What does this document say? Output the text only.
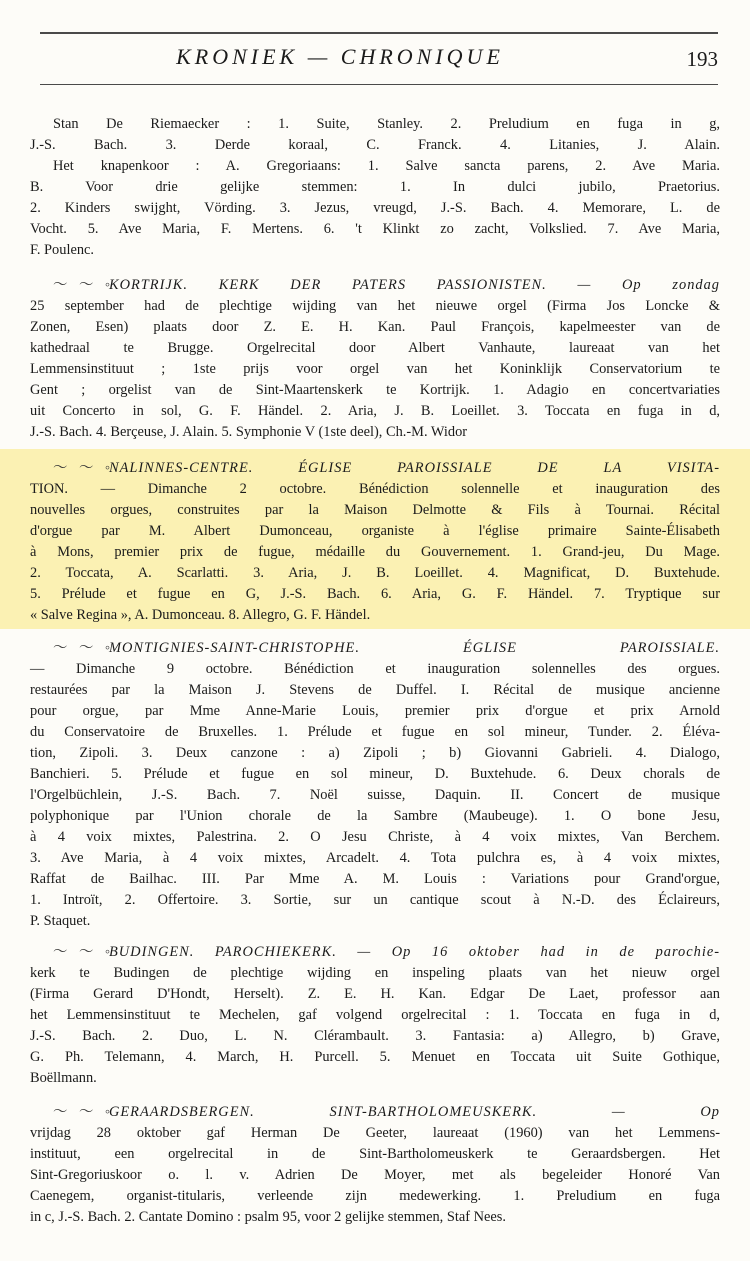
KRONIEK — CHRONIQUE	193
Stan De Riemaecker : 1. Suite, Stanley. 2. Preludium en fuga in g,
J.-S. Bach. 3. Derde koraal, C. Franck. 4. Litanies, J. Alain.
Het knapenkoor : A. Gregoriaans: 1. Salve sancta parens, 2. Ave Maria.
B. Voor drie gelijke stemmen: 1. In dulci jubilo, Praetorius.
2. Kinders swijght, Vörding. 3. Jezus, vreugd, J.-S. Bach. 4. Memorare, L. de
Vocht. 5. Ave Maria, F. Mertens. 6. 't Klinkt zo zacht, Volkslied. 7. Ave Maria,
F. Poulenc.
〜〜◦KORTRIJK. KERK DER PATERS PASSIONISTEN. — Op zondag
25 september had de plechtige wijding van het nieuwe orgel (Firma Jos Loncke &
Zonen, Esen) plaats door Z. E. H. Kan. Paul François, kapelmeester van de
kathedraal te Brugge. Orgelrecital door Albert Vanhaute, laureaat van het
Lemmensinstituut ; 1ste prijs voor orgel van het Koninklijk Conservatorium te
Gent ; orgelist van de Sint-Maartenskerk te Kortrijk. 1. Adagio en concertvariaties
uit Concerto in sol, G. F. Händel. 2. Aria, J. B. Loeillet. 3. Toccata en fuga in d,
J.-S. Bach. 4. Berçeuse, J. Alain. 5. Symphonie V (1ste deel), Ch.-M. Widor
〜〜◦NALINNES-CENTRE. ÉGLISE PAROISSIALE DE LA VISITA-
TION. — Dimanche 2 octobre. Bénédiction solennelle et inauguration des
nouvelles orgues, construites par la Maison Delmotte & Fils à Tournai. Récital
d'orgue par M. Albert Dumonceau, organiste à l'église primaire Sainte-Élisabeth
à Mons, premier prix de fugue, médaille du Gouvernement. 1. Grand-jeu, Du Mage.
2. Toccata, A. Scarlatti. 3. Aria, J. B. Loeillet. 4. Magnificat, D. Buxtehude.
5. Prélude et fugue en G, J.-S. Bach. 6. Aria, G. F. Händel. 7. Tryptique sur
« Salve Regina », A. Dumonceau. 8. Allegro, G. F. Händel.
〜〜◦MONTIGNIES-SAINT-CHRISTOPHE. ÉGLISE PAROISSIALE.
— Dimanche 9 octobre. Bénédiction et inauguration solennelles des orgues.
restaurées par la Maison J. Stevens de Duffel. I. Récital de musique ancienne
pour orgue, par Mme Anne-Marie Louis, premier prix d'orgue et prix Arnold
du Conservatoire de Bruxelles. 1. Prélude et fugue en sol mineur, Tunder. 2. Éléva-
tion, Zipoli. 3. Deux canzone : a) Zipoli ; b) Giovanni Gabrieli. 4. Dialogo,
Banchieri. 5. Prélude et fugue en sol mineur, D. Buxtehude. 6. Deux chorals de
l'Orgelbüchlein, J.-S. Bach. 7. Noël suisse, Daquin. II. Concert de musique
polyphonique par l'Union chorale de la Sambre (Maubeuge). 1. O bone Jesu,
à 4 voix mixtes, Palestrina. 2. O Jesu Christe, à 4 voix mixtes, Van Berchem.
3. Ave Maria, à 4 voix mixtes, Arcadelt. 4. Tota pulchra es, à 4 voix mixtes,
Raffat de Bailhac. III. Par Mme A. M. Louis : Variations pour Grand'orgue,
1. Introït, 2. Offertoire. 3. Sortie, sur un cantique scout à N.-D. des Éclaireurs,
P. Staquet.
〜〜◦BUDINGEN. PAROCHIEKERK. — Op 16 oktober had in de parochie-
kerk te Budingen de plechtige wijding en inspeling plaats van het nieuw orgel
(Firma Gerard D'Hondt, Herselt). Z. E. H. Kan. Edgar De Laet, professor aan
het Lemmensinstituut te Mechelen, gaf volgend orgelrecital : 1. Toccata en fuga in d,
J.-S. Bach. 2. Duo, L. N. Clérambault. 3. Fantasia: a) Allegro, b) Grave,
G. Ph. Telemann, 4. March, H. Purcell. 5. Menuet en Toccata uit Suite Gothique,
Boëllmann.
〜〜◦GERAARDSBERGEN. SINT-BARTHOLOMEUSKERK. — Op
vrijdag 28 oktober gaf Herman De Geeter, laureaat (1960) van het Lemmens-
instituut, een orgelrecital in de Sint-Bartholomeuskerk te Geraardsbergen. Het
Sint-Gregoriuskoor o. l. v. Adrien De Moyer, met als begeleider Honoré Van
Caenegem, organist-titularis, verleende zijn medewerking. 1. Preludium en fuga
in c, J.-S. Bach. 2. Cantate Domino : psalm 95, voor 2 gelijke stemmen, Staf Nees.
